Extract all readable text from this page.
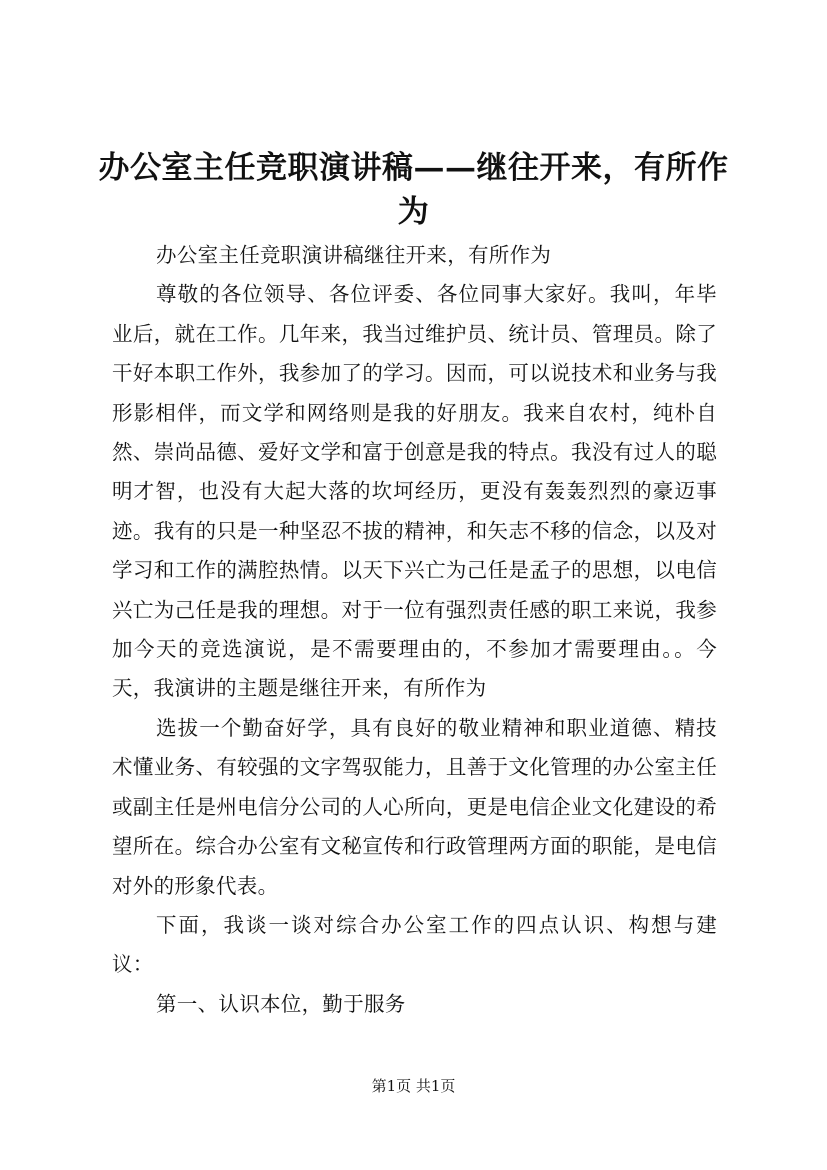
办公室主任竞职演讲稿——继往开来，有所作为

办公室主任竞职演讲稿继往开来，有所作为

尊敬的各位领导、各位评委、各位同事大家好。我叫，年毕业后，就在工作。几年来，我当过维护员、统计员、管理员。除了干好本职工作外，我参加了的学习。因而，可以说技术和业务与我形影相伴，而文学和网络则是我的好朋友。我来自农村，纯朴自然、崇尚品德、爱好文学和富于创意是我的特点。我没有过人的聪明才智，也没有大起大落的坎坷经历，更没有轰轰烈烈的豪迈事迹。我有的只是一种坚忍不拔的精神，和矢志不移的信念，以及对学习和工作的满腔热情。以天下兴亡为己任是孟子的思想，以电信兴亡为己任是我的理想。对于一位有强烈责任感的职工来说，我参加今天的竞选演说，是不需要理由的，不参加才需要理由。。今天，我演讲的主题是继往开来，有所作为

选拔一个勤奋好学，具有良好的敬业精神和职业道德、精技术懂业务、有较强的文字驾驭能力，且善于文化管理的办公室主任或副主任是州电信分公司的人心所向，更是电信企业文化建设的希望所在。综合办公室有文秘宣传和行政管理两方面的职能，是电信对外的形象代表。

下面，我谈一谈对综合办公室工作的四点认识、构想与建议：

第一、认识本位，勤于服务

第1页 共1页
